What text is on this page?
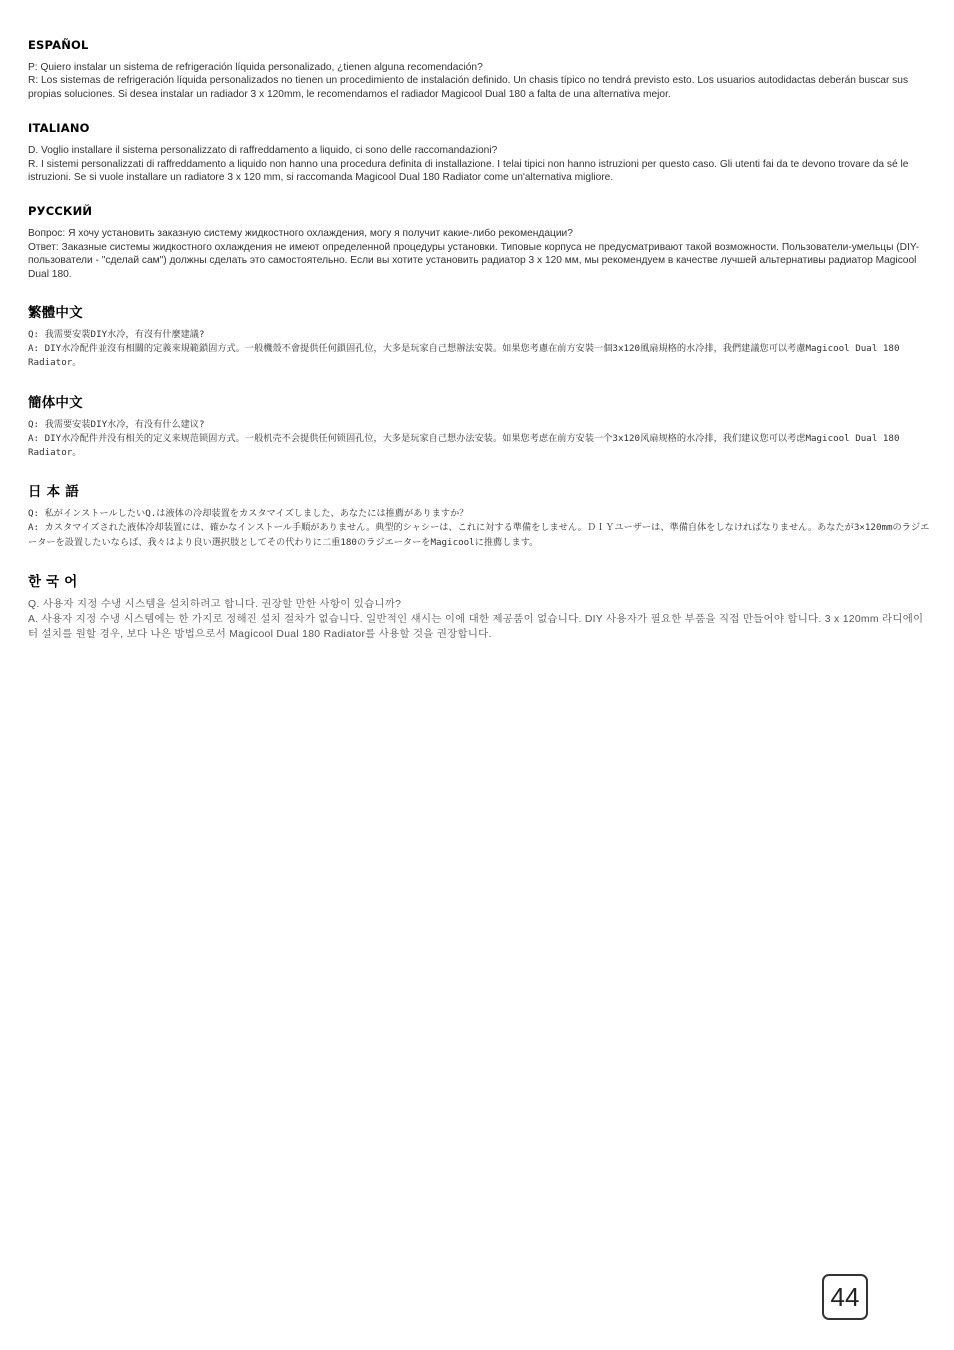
ESPAÑOL

P: Quiero instalar un sistema de refrigeración líquida personalizado, ¿tienen alguna recomendación?

R: Los sistemas de refrigeración líquida personalizados no tienen un procedimiento de instalación definido. Un chasis típico no tendrá previsto esto. Los usuarios autodidactas deberán buscar sus propias soluciones. Si desea instalar un radiador 3 x 120mm, le recomendamos el radiador Magicool Dual 180 a falta de una alternativa mejor.

ITALIANO

D. Voglio installare il sistema personalizzato di raffreddamento a liquido, ci sono delle raccomandazioni?

R. I sistemi personalizzati di raffreddamento a liquido non hanno una procedura definita di installazione. I telai tipici non hanno istruzioni per questo caso. Gli utenti fai da te devono trovare da sé le istruzioni. Se si vuole installare un radiatore 3 x 120 mm, si raccomanda Magicool Dual 180 Radiator come un'alternativa migliore.

РУССКИЙ

Вопрос: Я хочу установить заказную систему жидкостного охлаждения, могу я получит какие-либо рекомендации?

Ответ: Заказные системы жидкостного охлаждения не имеют определенной процедуры установки. Типовые корпуса не предусматривают такой возможности. Пользователи-умельцы (DIY-пользователи - "сделай сам") должны сделать это самостоятельно. Если вы хотите установить радиатор 3 x 120 мм, мы рекомендуем в качестве лучшей альтернативы радиатор Magicool Dual 180.

繁體中文

Q: 我需要安裝DIY水冷，有沒有什麼建議?

A: DIY水冷配件並沒有相關的定義來規範鎖固方式。一般機殼不會提供任何鎖固孔位，大多是玩家自己想辦法安裝。如果您考慮在前方安裝一個3x120風扇規格的水冷排，我們建議您可以考慮Magicool Dual 180 Radiator。

簡体中文

Q: 我需要安装DIY水冷，有没有什么建议?

A: DIY水冷配件并没有相关的定义来规范锁固方式。一般机壳不会提供任何锁固孔位，大多是玩家自己想办法安装。如果您考虑在前方安装一个3x120风扇规格的水冷排，我们建议您可以考虑Magicool Dual 180 Radiator。

日 本 語

Q: 私がインストールしたいQ.は液体の冷却装置をカスタマイズしました、あなたには推薦がありますか？

A: カスタマイズされた液体冷却装置には、確かなインストール手順がありません。典型的シャシーは、これに対する準備をしません。ＤＩＹユーザーは、準備自体をしなければなりません。あなたが3×120mmのラジエーターを設置したいならば、我々はより良い選択肢としてその代わりに二重180のラジエーターをMagicoolに推薦します。

한 국 어

Q. 사용자 지정 수냉 시스템을 설치하려고 합니다. 권장할 만한 사항이 있습니까?

A. 사용자 지정 수냉 시스템에는 한 가지로 정해진 설치 절차가 없습니다. 일반적인 섀시는 이에 대한 제공품이 없습니다. DIY 사용자가 필요한 부품을 직접 만들어야 합니다. 3 x 120mm 라디에이터 설치를 원할 경우, 보다 나은 방법으로서 Magicool Dual 180 Radiator를 사용할 것을 권장합니다.

44
